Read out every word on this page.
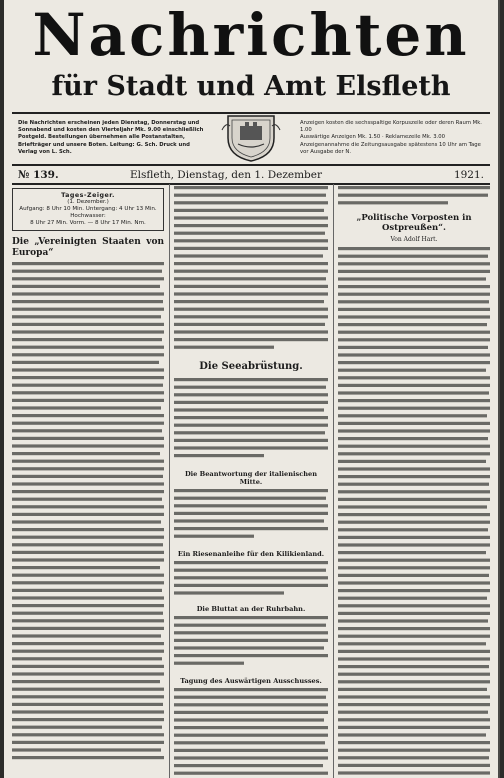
Nachrichten
für Stadt und Amt Elsfleth
Die Nachrichten erscheinen jeden Dienstag, Donnerstag und Sonnabend und kosten den Vierteljahr Mk. 9.00 einschließlich Postgeld. Bestellungen übernehmen alle Postanstalten, Briefträger und unsere Boten. Leitung: G. Sch. Druck und Verlag von L. Sch.
Anzeigen kosten die sechsspaltige Korpuszeile oder deren Raum Mk. 1.00
Auswärtige Anzeigen Mk. 1.50 · Reklamezeile Mk. 3.00
Anzeigenannahme die Zeitungsausgabe spätestens 10 Uhr am Tage vor Ausgabe der N.
№ 139.	Elsfleth, Dienstag, den 1. Dezember	1921.
Tages-Zeiger.
(1. Dezember.)
Aufgang: 8 Uhr 10 Min. Untergang: 4 Uhr 13 Min.
Hochwasser:
8 Uhr 27 Min. Vorm. — 8 Uhr 17 Min. Nm.
Die „Vereinigten Staaten von Europa“
Die Seeabrüstung.
Die Beantwortung der italienischen Mitte.
Ein Riesenanleihe für den Kilikienland.
Die Bluttat an der Ruhrbahn.
Tagung des Auswärtigen Ausschusses.
„Politische Vorposten in Ostpreußen“.
Von Adolf Hart.
